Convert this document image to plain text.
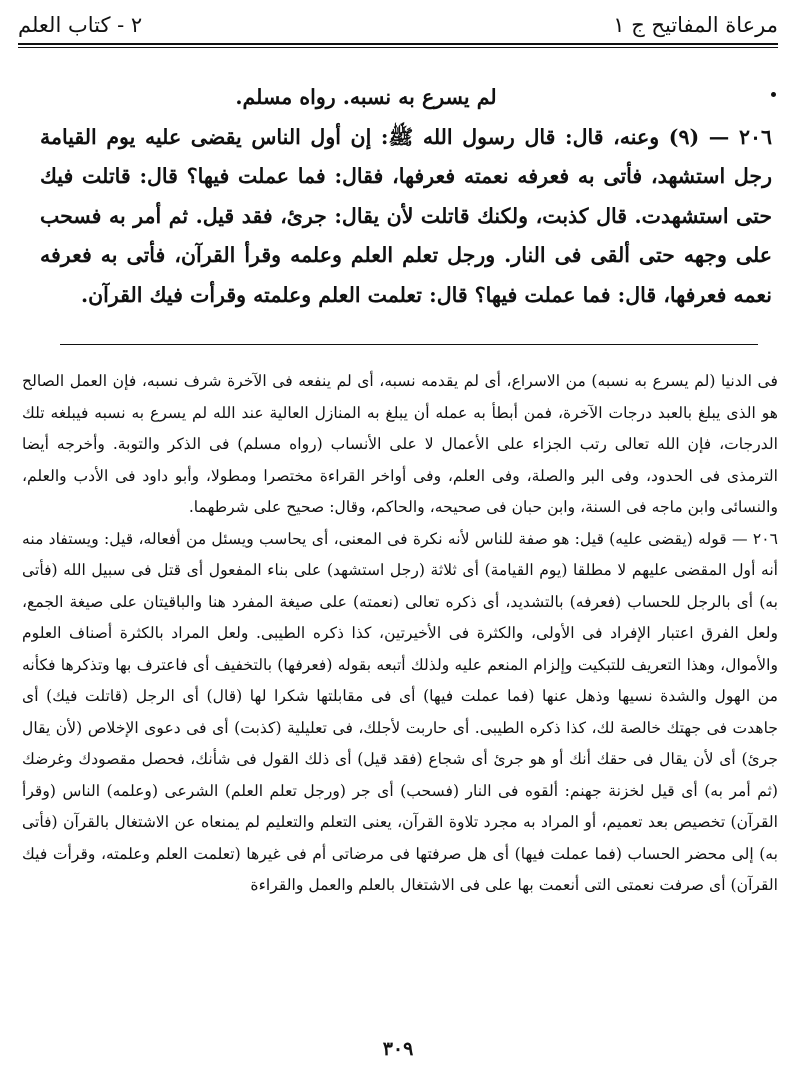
مرعاة المفاتيح ج ١
٢ - كتاب العلم

لم يسرع به نسبه. رواه مسلم.

٢٠٦ — (٩) وعنه، قال: قال رسول الله ﷺ: إن أول الناس يقضى عليه يوم القيامة رجل استشهد، فأتى به فعرفه نعمته فعرفها، فقال: فما عملت فيها؟ قال: قاتلت فيك حتى استشهدت. قال كذبت، ولكنك قاتلت لأن يقال: جرئ، فقد قيل. ثم أمر به فسحب على وجهه حتى ألقى فى النار. ورجل تعلم العلم وعلمه وقرأ القرآن، فأتى به فعرفه نعمه فعرفها، قال: فما عملت فيها؟ قال: تعلمت العلم وعلمته وقرأت فيك القرآن.

فى الدنيا (لم يسرع به نسبه) من الاسراع، أى لم يقدمه نسبه، أى لم ينفعه فى الآخرة شرف نسبه، فإن العمل الصالح هو الذى يبلغ بالعبد درجات الآخرة، فمن أبطأ به عمله أن يبلغ به المنازل العالية عند الله لم يسرع به نسبه فيبلغه تلك الدرجات، فإن الله تعالى رتب الجزاء على الأعمال لا على الأنساب (رواه مسلم) فى الذكر والتوبة. وأخرجه أيضا الترمذى فى الحدود، وفى البر والصلة، وفى العلم، وفى أواخر القراءة مختصرا ومطولا، وأبو داود فى الأدب والعلم، والنسائى وابن ماجه فى السنة، وابن حبان فى صحيحه، والحاكم، وقال: صحيح على شرطهما.

٢٠٦ — قوله (يقضى عليه) قيل: هو صفة للناس لأنه نكرة فى المعنى، أى يحاسب ويسئل من أفعاله، قيل: ويستفاد منه أنه أول المقضى عليهم لا مطلقا (يوم القيامة) أى ثلاثة (رجل استشهد) على بناء المفعول أى قتل فى سبيل الله (فأتى به) أى بالرجل للحساب (فعرفه) بالتشديد، أى ذكره تعالى (نعمته) على صيغة المفرد هنا والباقيتان على صيغة الجمع، ولعل الفرق اعتبار الإفراد فى الأولى، والكثرة فى الأخيرتين، كذا ذكره الطيبى. ولعل المراد بالكثرة أصناف العلوم والأموال، وهذا التعريف للتبكيت وإلزام المنعم عليه ولذلك أتبعه بقوله (فعرفها) بالتخفيف أى فاعترف بها وتذكرها فكأنه من الهول والشدة نسيها وذهل عنها (فما عملت فيها) أى فى مقابلتها شكرا لها (قال) أى الرجل (قاتلت فيك) أى جاهدت فى جهتك خالصة لك، كذا ذكره الطيبى. أى حاربت لأجلك، فى تعليلية (كذبت) أى فى دعوى الإخلاص (لأن يقال جرئ) أى لأن يقال فى حقك أنك أو هو جرئ أى شجاع (فقد قيل) أى ذلك القول فى شأنك، فحصل مقصودك وغرضك (ثم أمر به) أى قيل لخزنة جهنم: ألقوه فى النار (فسحب) أى جر (ورجل تعلم العلم) الشرعى (وعلمه) الناس (وقرأ القرآن) تخصيص بعد تعميم، أو المراد به مجرد تلاوة القرآن، يعنى التعلم والتعليم لم يمنعاه عن الاشتغال بالقرآن (فأتى به) إلى محضر الحساب (فما عملت فيها) أى هل صرفتها فى مرضاتى أم فى غيرها (تعلمت العلم وعلمته، وقرأت فيك القرآن) أى صرفت نعمتى التى أنعمت بها على فى الاشتغال بالعلم والعمل والقراءة

٣٠٩
